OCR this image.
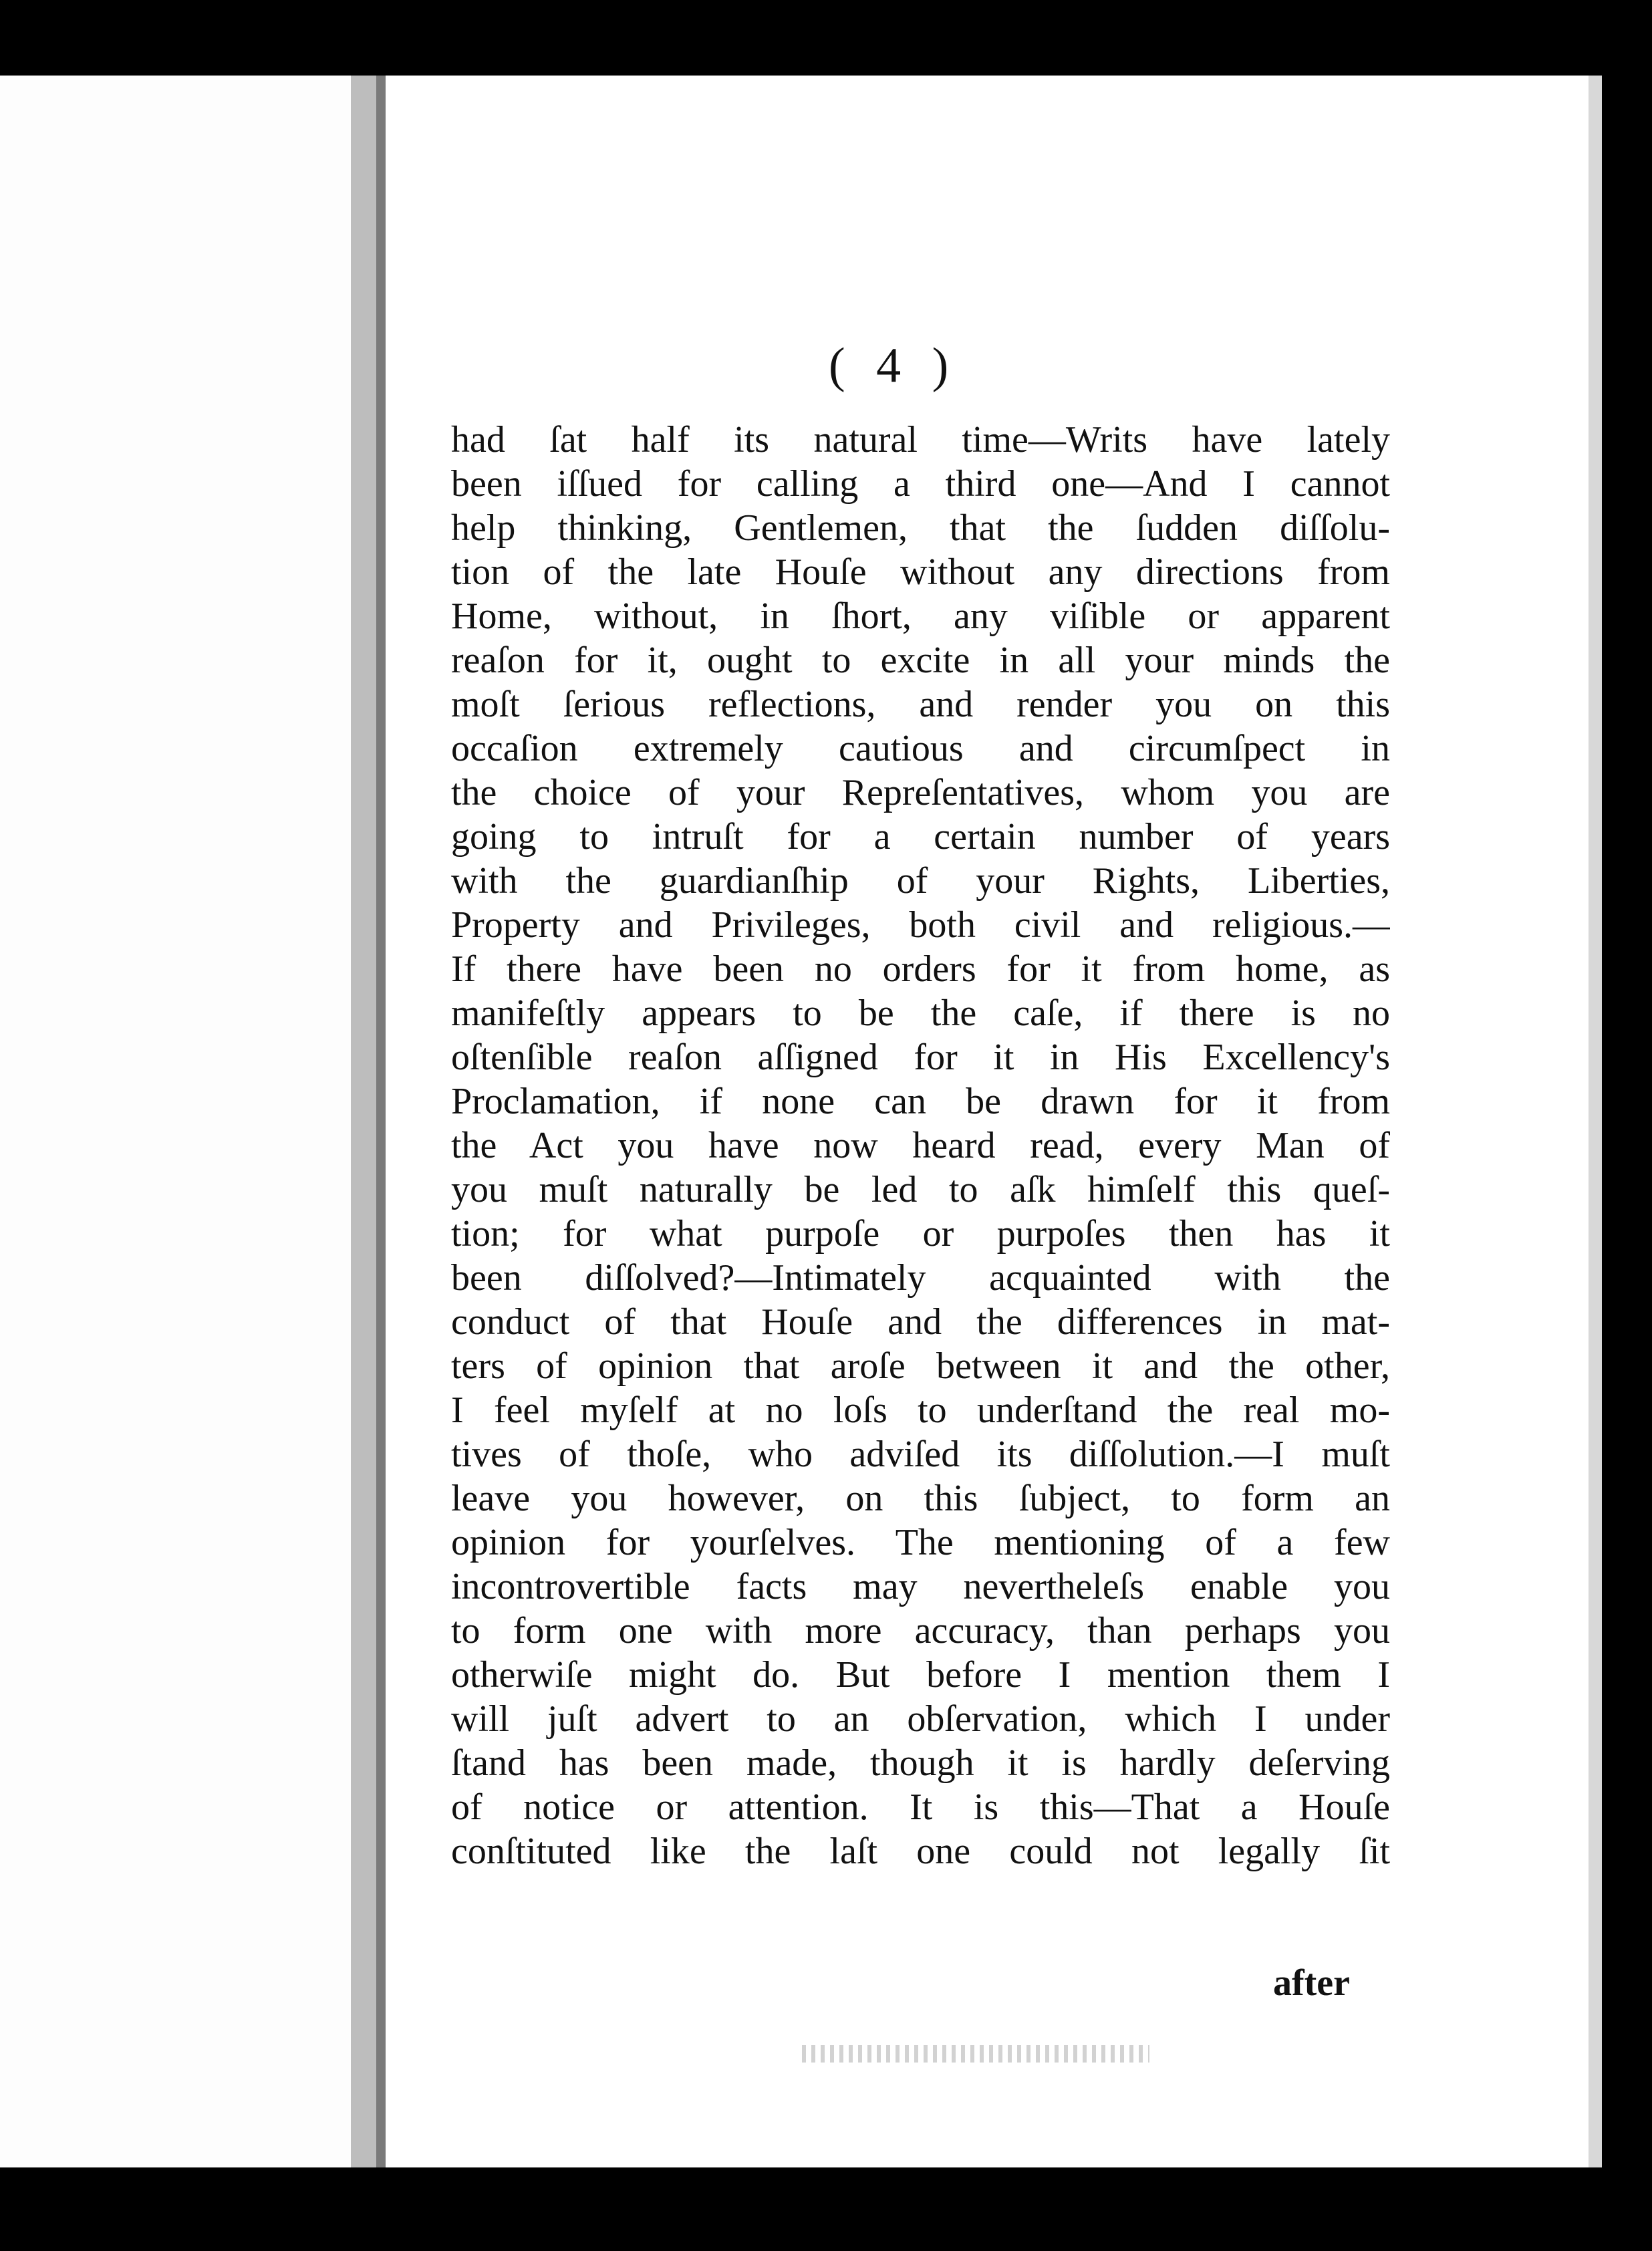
( 4 )
had ſat half its natural time—Writs have lately
been iſſued for calling a third one—And I cannot
help thinking, Gentlemen, that the ſudden diſſolu-
tion of the late Houſe without any directions from
Home, without, in ſhort, any viſible or apparent
reaſon for it, ought to excite in all your minds the
moſt ſerious reflections, and render you on this
occaſion extremely cautious and circumſpect in
the choice of your Repreſentatives, whom you are
going to intruſt for a certain number of years
with the guardianſhip of your Rights, Liberties,
Property and Privileges, both civil and religious.—
If there have been no orders for it from home, as
manifeſtly appears to be the caſe, if there is no
oſtenſible reaſon aſſigned for it in His Excellency's
Proclamation, if none can be drawn for it from
the Act you have now heard read, every Man of
you muſt naturally be led to aſk himſelf this queſ-
tion; for what purpoſe or purpoſes then has it
been diſſolved?—Intimately acquainted with the
conduct of that Houſe and the differences in mat-
ters of opinion that aroſe between it and the other,
I feel myſelf at no loſs to underſtand the real mo-
tives of thoſe, who adviſed its diſſolution.—I muſt
leave you however, on this ſubject, to form an
opinion for yourſelves. The mentioning of a few
incontrovertible facts may nevertheleſs enable you
to form one with more accuracy, than perhaps you
otherwiſe might do. But before I mention them I
will juſt advert to an obſervation, which I under
ſtand has been made, though it is hardly deſerving
of notice or attention. It is this—That a Houſe
conſtituted like the laſt one could not legally ſit
after
